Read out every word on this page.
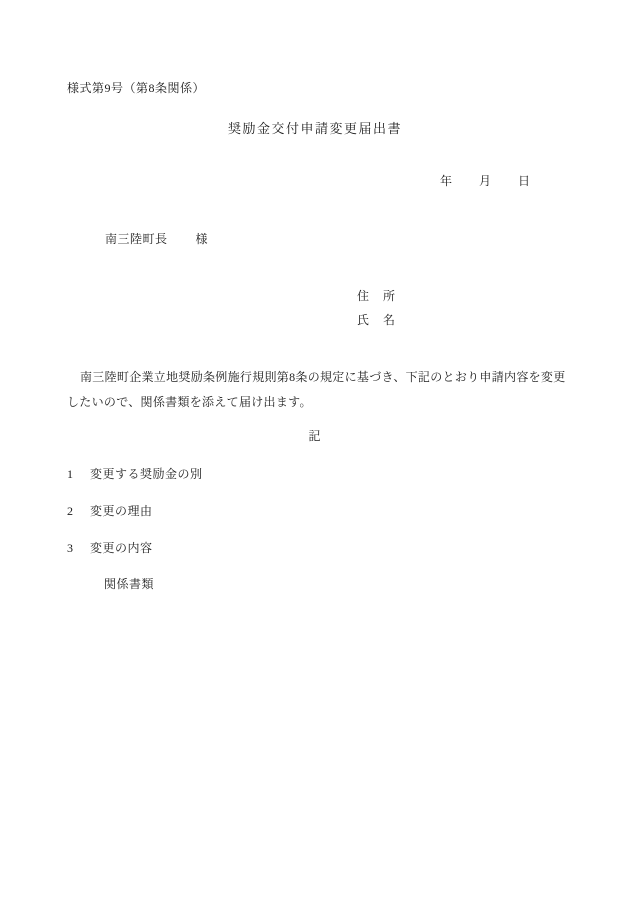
様式第9号（第8条関係）
奨励金交付申請変更届出書
年　　月　　日
南三陸町長 様
住　所
氏　名
南三陸町企業立地奨励条例施行規則第8条の規定に基づき、下記のとおり申請内容を変更したいので、関係書類を添えて届け出ます。
記
1 変更する奨励金の別
2 変更の理由
3 変更の内容
関係書類
